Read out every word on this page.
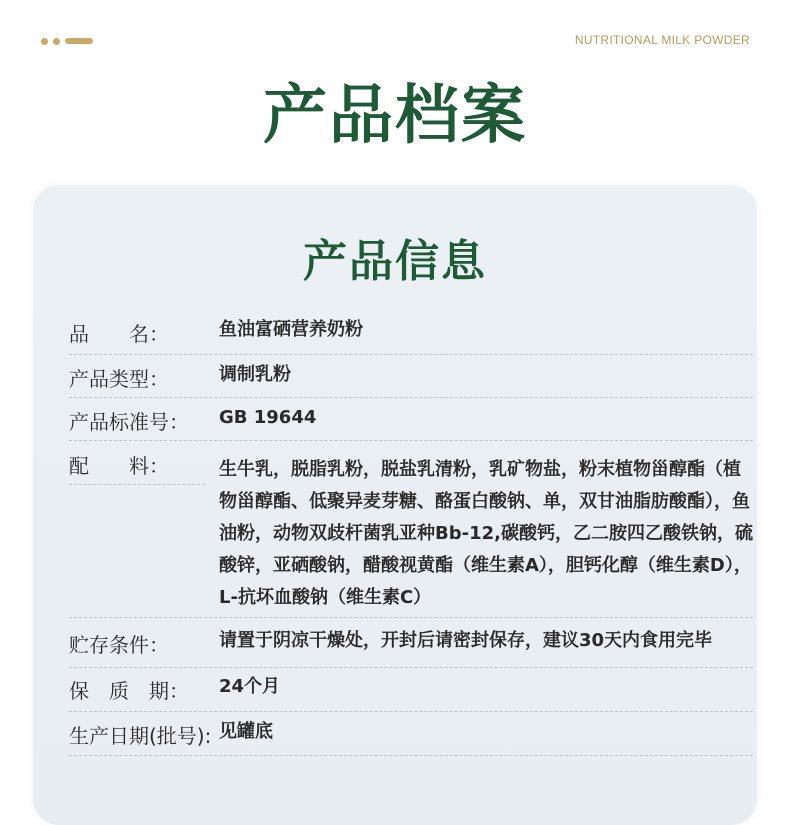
NUTRITIONAL MILK POWDER
产品档案
产品信息
品　　名：	鱼油富硒营养奶粉
产品类型：	调制乳粉
产品标准号： GB 19644
配　　料：	生牛乳，脱脂乳粉，脱盐乳清粉，乳矿物盐，粉末植物甾醇酯（植物甾醇酯、低聚异麦芽糖、酪蛋白酸钠、单，双甘油脂肪酸酯），鱼油粉，动物双歧杆菌乳亚种Bb-12,碳酸钙，乙二胺四乙酸铁钠，硫酸锌，亚硒酸钠，醋酸视黄酯（维生素A），胆钙化醇（维生素D），L-抗坏血酸钠（维生素C）
贮存条件：	请置于阴凉干燥处，开封后请密封保存，建议30天内食用完毕
保　质　期： 24个月
生产日期(批号): 见罐底
